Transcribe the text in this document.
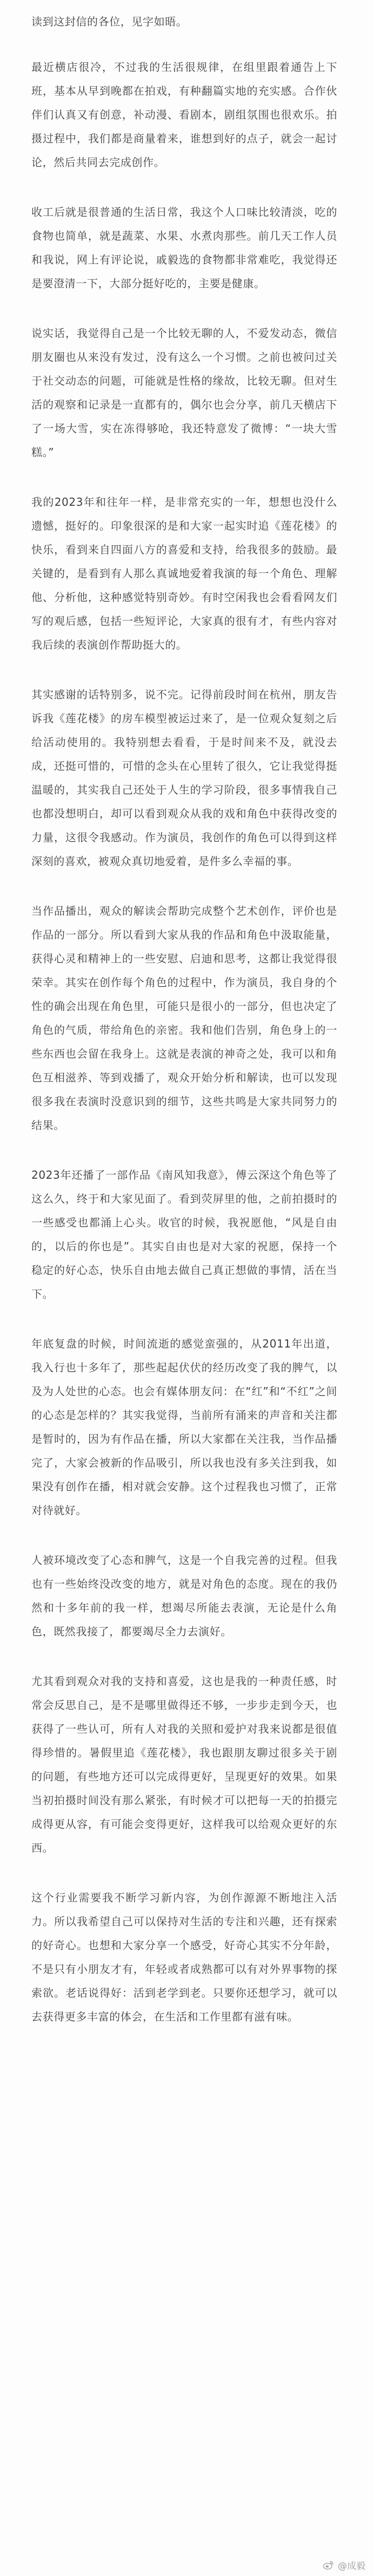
读到这封信的各位，见字如晤。

最近横店很冷，不过我的生活很规律，在组里跟着通告上下班，基本从早到晚都在拍戏，有种翻篇实地的充实感。合作伙伴们认真又有创意，补动漫、看剧本，剧组氛围也很欢乐。拍摄过程中，我们都是商量着来，谁想到好的点子，就会一起讨论，然后共同去完成创作。

收工后就是很普通的生活日常，我这个人口味比较清淡，吃的食物也简单，就是蔬菜、水果、水煮肉那些。前几天工作人员和我说，网上有评论说，戚毅选的食物都非常难吃，我觉得还是要澄清一下，大部分挺好吃的，主要是健康。

说实话，我觉得自己是一个比较无聊的人，不爱发动态，微信朋友圈也从来没有发过，没有这么一个习惯。之前也被问过关于社交动态的问题，可能就是性格的缘故，比较无聊。但对生活的观察和记录是一直都有的，偶尔也会分享，前几天横店下了一场大雪，实在冻得够呛，我还特意发了微博：“一块大雪糕。”

我的2023年和往年一样，是非常充实的一年，想想也没什么遗憾，挺好的。印象很深的是和大家一起实时追《莲花楼》的快乐，看到来自四面八方的喜爱和支持，给我很多的鼓励。最关键的，是看到有人那么真诚地爱着我演的每一个角色、理解他、分析他，这种感觉特别奇妙。有时空闲我也会看看网友们写的观后感，包括一些短评论，大家真的很有才，有些内容对我后续的表演创作帮助挺大的。

其实感谢的话特别多，说不完。记得前段时间在杭州，朋友告诉我《莲花楼》的房车模型被运过来了，是一位观众复刻之后给活动使用的。我特别想去看看，于是时间来不及，就没去成，还挺可惜的，可惜的念头在心里转了很久，它让我觉得挺温暖的，其实我自己还处于人生的学习阶段，很多事情我自己也都没想明白，却可以看到观众从我的戏和角色中获得改变的力量，这很令我感动。作为演员，我创作的角色可以得到这样深刻的喜欢，被观众真切地爱着，是件多么幸福的事。

当作品播出，观众的解读会帮助完成整个艺术创作，评价也是作品的一部分。所以看到大家从我的作品和角色中汲取能量，获得心灵和精神上的一些安慰、启迪和思考，这都让我觉得很荣幸。其实在创作每个角色的过程中，作为演员，我自身的个性的确会出现在角色里，可能只是很小的一部分，但也决定了角色的气质，带给角色的亲密。我和他们告别，角色身上的一些东西也会留在我身上。这就是表演的神奇之处，我可以和角色互相滋养、等到戏播了，观众开始分析和解读，也可以发现很多我在表演时没意识到的细节，这些共鸣是大家共同努力的结果。

2023年还播了一部作品《南风知我意》，傅云深这个角色等了这么久，终于和大家见面了。看到荧屏里的他，之前拍摄时的一些感受也都涌上心头。收官的时候，我祝愿他，“风是自由的，以后的你也是”。其实自由也是对大家的祝愿，保持一个稳定的好心态，快乐自由地去做自己真正想做的事情，活在当下。

年底复盘的时候，时间流逝的感觉蛮强的，从2011年出道，我入行也十多年了，那些起起伏伏的经历改变了我的脾气，以及为人处世的心态。也会有媒体朋友问：在“红”和“不红”之间的心态是怎样的？其实我觉得，当前所有涌来的声音和关注都是暂时的，因为有作品在播，所以大家都在关注我，当作品播完了，大家会被新的作品吸引，所以我也没有多关注到我，如果没有创作在播，相对就会安静。这个过程我也习惯了，正常对待就好。

人被环境改变了心态和脾气，这是一个自我完善的过程。但我也有一些始终没改变的地方，就是对角色的态度。现在的我仍然和十多年前的我一样，想竭尽所能去表演，无论是什么角色，既然我接了，都要竭尽全力去演好。

尤其看到观众对我的支持和喜爱，这也是我的一种责任感，时常会反思自己，是不是哪里做得还不够，一步步走到今天，也获得了一些认可，所有人对我的关照和爱护对我来说都是很值得珍惜的。暑假里追《莲花楼》，我也跟朋友聊过很多关于剧的问题，有些地方还可以完成得更好，呈现更好的效果。如果当初拍摄时间没有那么紧张，有时候才可以把每一天的拍摄完成得更从容，有可能会变得更好，这样我可以给观众更好的东西。

这个行业需要我不断学习新内容，为创作源源不断地注入活力。所以我希望自己可以保持对生活的专注和兴趣，还有探索的好奇心。也想和大家分享一个感受，好奇心其实不分年龄，不是只有小朋友才有，年轻或者成熟都可以有对外界事物的探索欲。老话说得好：活到老学到老。只要你还想学习，就可以去获得更多丰富的体会，在生活和工作里都有滋有味。

@成毅
